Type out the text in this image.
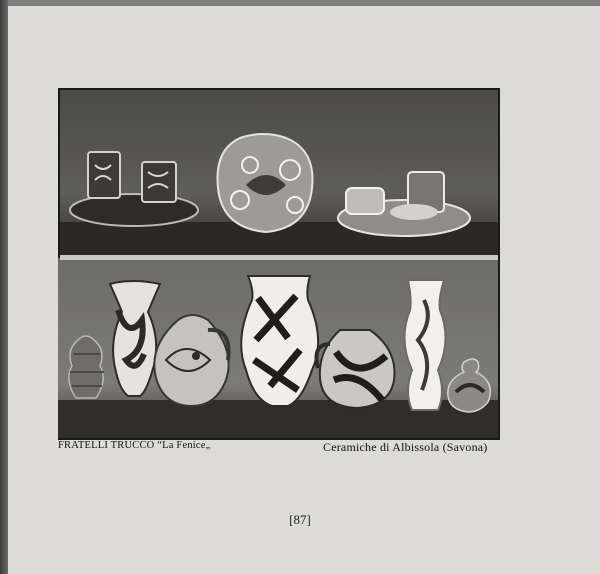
FRATELLI TRUCCO “La Fenice„	Ceramiche di Albissola (Savona)
[87]
